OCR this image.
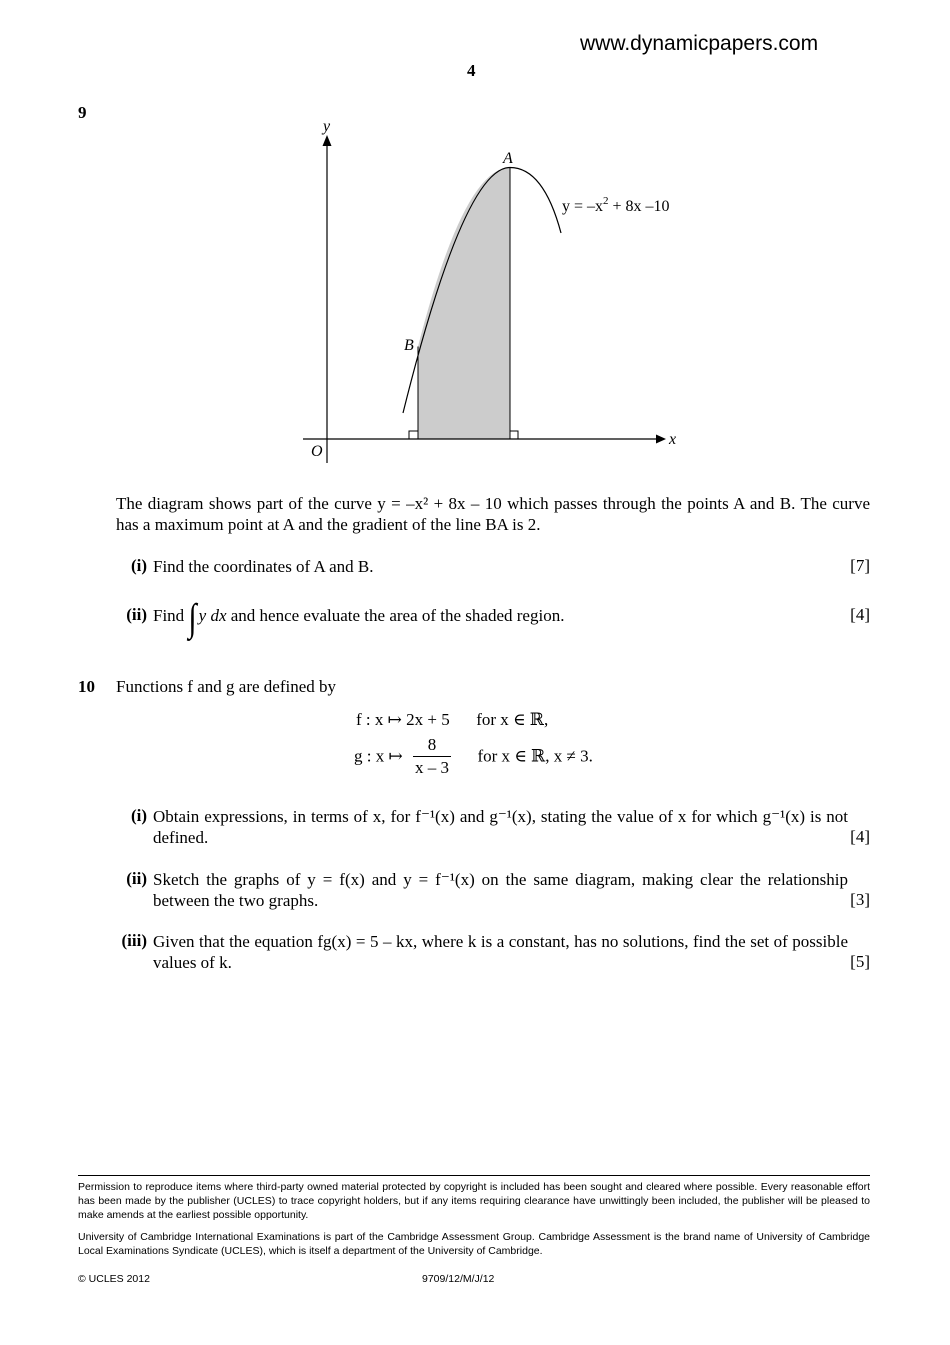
www.dynamicpapers.com
4
9
y
x
O
A
B
$y = -x^2 + 8x$ –10
The diagram shows part of the curve y = –x² + 8x – 10 which passes through the points A and B. The curve has a maximum point at A and the gradient of the line BA is 2.
(i) Find the coordinates of A and B.	[7]
(ii) Find ∫ y dx and hence evaluate the area of the shaded region.	[4]
10 Functions f and g are defined by
f : x ↦ 2x + 5 for x ∈ ℝ,
g : x ↦ $\frac{8}{x - 3}$ for x ∈ ℝ, x ≠ 3.
(i) Obtain expressions, in terms of x, for f⁻¹(x) and g⁻¹(x), stating the value of x for which g⁻¹(x) is not defined.	[4]
(ii) Sketch the graphs of y = f(x) and y = f⁻¹(x) on the same diagram, making clear the relationship between the two graphs.	[3]
(iii) Given that the equation fg(x) = 5 – kx, where k is a constant, has no solutions, find the set of possible values of k.	[5]
Permission to reproduce items where third-party owned material protected by copyright is included has been sought and cleared where possible. Every reasonable effort has been made by the publisher (UCLES) to trace copyright holders, but if any items requiring clearance have unwittingly been included, the publisher will be pleased to make amends at the earliest possible opportunity.
University of Cambridge International Examinations is part of the Cambridge Assessment Group. Cambridge Assessment is the brand name of University of Cambridge Local Examinations Syndicate (UCLES), which is itself a department of the University of Cambridge.
© UCLES 2012	9709/12/M/J/12
